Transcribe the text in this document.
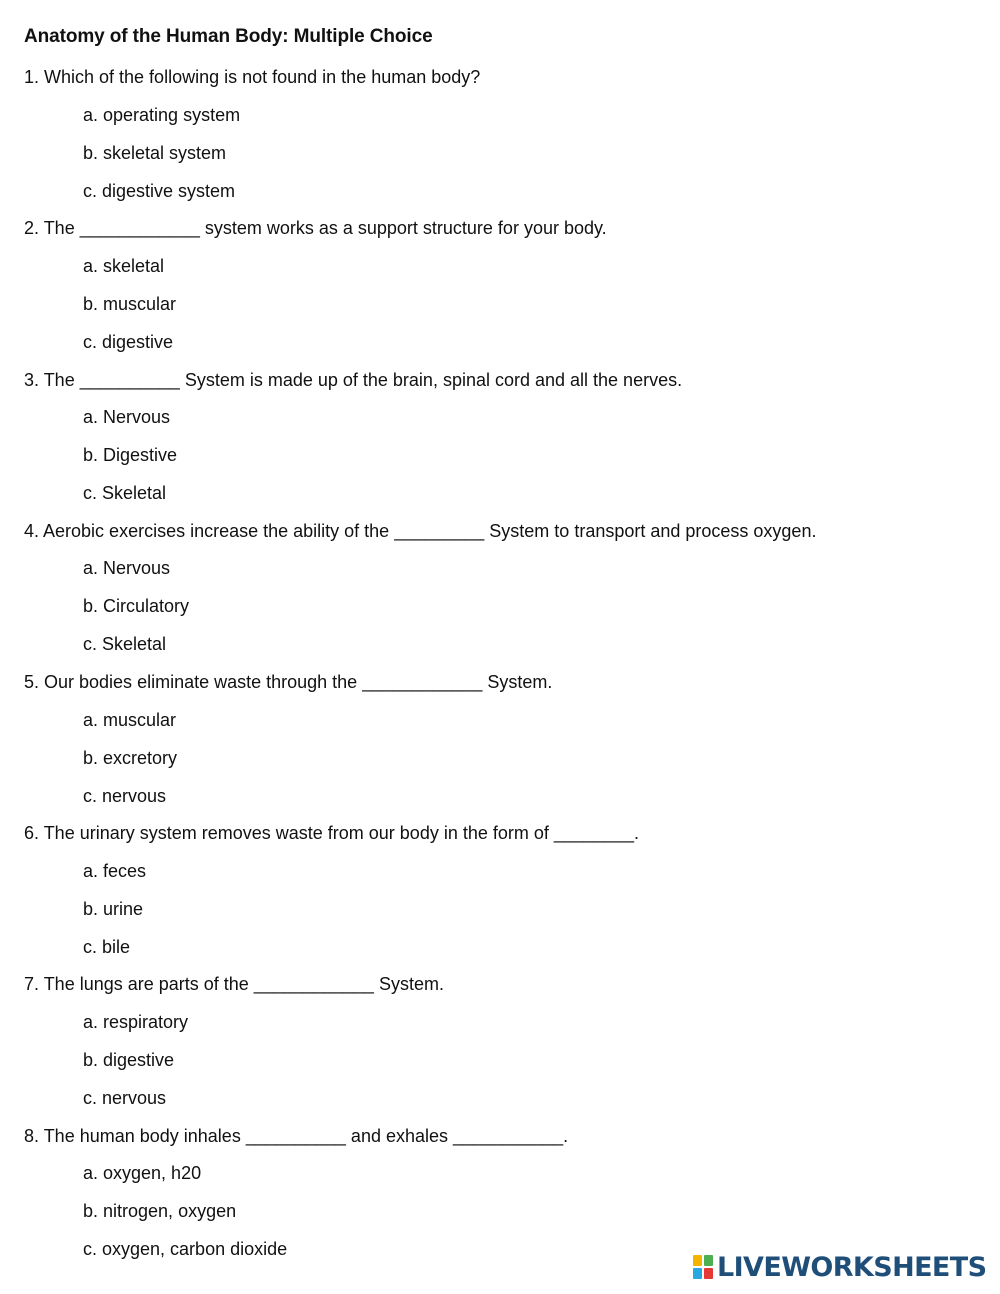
Anatomy of the Human Body: Multiple Choice
1. Which of the following is not found in the human body?
a. operating system
b. skeletal system
c. digestive system
2. The ____________ system works as a support structure for your body.
a. skeletal
b. muscular
c. digestive
3. The __________ System is made up of the brain, spinal cord and all the nerves.
a. Nervous
b. Digestive
c. Skeletal
4. Aerobic exercises increase the ability of the _________ System to transport and process oxygen.
a. Nervous
b. Circulatory
c. Skeletal
5. Our bodies eliminate waste through the ____________ System.
a. muscular
b. excretory
c. nervous
6. The urinary system removes waste from our body in the form of ________.
a. feces
b. urine
c. bile
7. The lungs are parts of the ____________ System.
a. respiratory
b. digestive
c. nervous
8. The human body inhales __________ and exhales ___________.
a. oxygen, h20
b. nitrogen, oxygen
c. oxygen, carbon dioxide
LIVEWORKSHEETS
